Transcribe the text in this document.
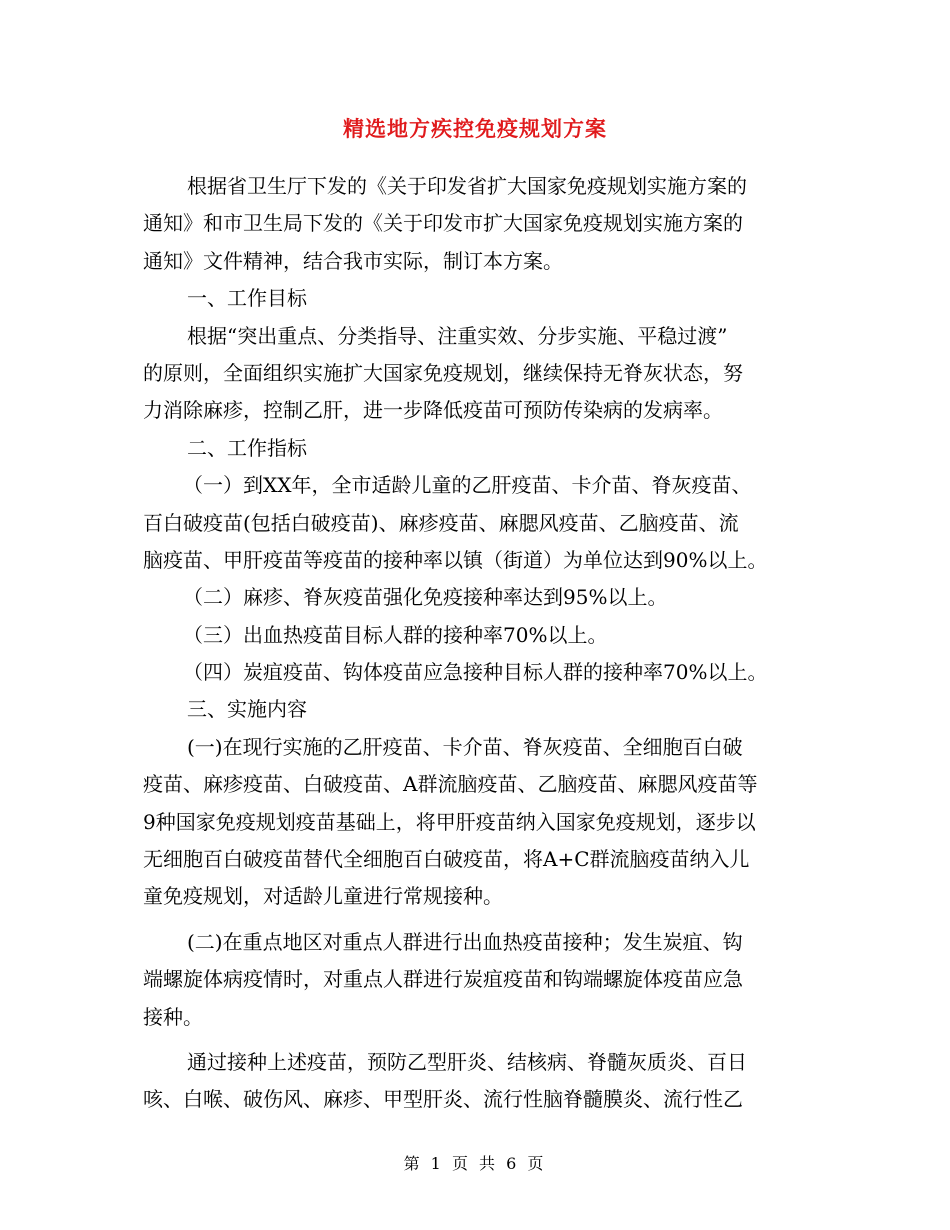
精选地方疾控免疫规划方案
根据省卫生厅下发的《关于印发省扩大国家免疫规划实施方案的
通知》和市卫生局下发的《关于印发市扩大国家免疫规划实施方案的
通知》文件精神，结合我市实际，制订本方案。
一、工作目标
根据“突出重点、分类指导、注重实效、分步实施、平稳过渡”
的原则，全面组织实施扩大国家免疫规划，继续保持无脊灰状态，努
力消除麻疹，控制乙肝，进一步降低疫苗可预防传染病的发病率。
二、工作指标
（一）到XX年，全市适龄儿童的乙肝疫苗、卡介苗、脊灰疫苗、
百白破疫苗(包括白破疫苗)、麻疹疫苗、麻腮风疫苗、乙脑疫苗、流
脑疫苗、甲肝疫苗等疫苗的接种率以镇（街道）为单位达到90%以上。
（二）麻疹、脊灰疫苗强化免疫接种率达到95%以上。
（三）出血热疫苗目标人群的接种率70%以上。
（四）炭疽疫苗、钩体疫苗应急接种目标人群的接种率70%以上。
三、实施内容
(一)在现行实施的乙肝疫苗、卡介苗、脊灰疫苗、全细胞百白破
疫苗、麻疹疫苗、白破疫苗、A群流脑疫苗、乙脑疫苗、麻腮风疫苗等
9种国家免疫规划疫苗基础上，将甲肝疫苗纳入国家免疫规划，逐步以
无细胞百白破疫苗替代全细胞百白破疫苗，将A+C群流脑疫苗纳入儿
童免疫规划，对适龄儿童进行常规接种。
(二)在重点地区对重点人群进行出血热疫苗接种；发生炭疽、钩
端螺旋体病疫情时，对重点人群进行炭疽疫苗和钩端螺旋体疫苗应急
接种。
通过接种上述疫苗，预防乙型肝炎、结核病、脊髓灰质炎、百日
咳、白喉、破伤风、麻疹、甲型肝炎、流行性脑脊髓膜炎、流行性乙
第 1 页 共 6 页
